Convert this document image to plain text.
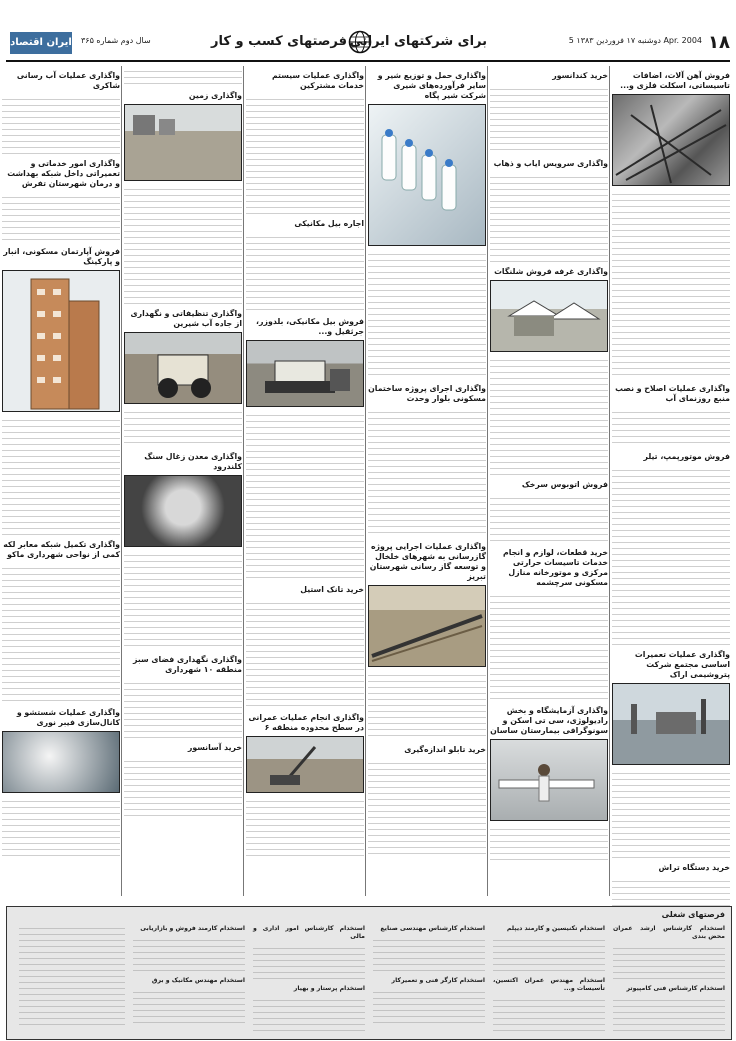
۱۸
دوشنبه ۱۷ فروردین ۱۳۸۳ 5 Apr. 2004
فرصتهای کسب و کار برای شرکتهای ایرانی
سال دوم شماره ۳۶۵
ایران اقتصاد
فروش آهن آلات، اضافات تاسیساتی، اسکلت فلزی و...
واگذاری عملیات اصلاح و نصب منبع روزنمای آب
فروش موتورپمپ، تیلر
واگذاری عملیات تعمیرات اساسی مجتمع شرکت پتروشیمی اراک
خرید دستگاه تراش
خرید کندانسور
واگذاری سرویس ایاب و ذهاب
واگذاری غرفه فروش شلنگات
فروش اتوبوس سرخک
خرید قطعات، لوازم و انجام خدمات تاسیسات حرارتی مرکزی و موتورخانه منازل مسکونی سرچشمه
واگذاری آزمایشگاه و بخش رادیولوژی، سی تی اسکن و سونوگرافی بیمارستان ساسان
واگذاری حمل و توزیع شیر و سایر فرآورده‌های شیری شرکت شیر پگاه
واگذاری اجرای پروژه ساختمان مسکونی بلوار وحدت
واگذاری عملیات اجرایی پروژه گازرسانی به شهرهای خلخال و توسعه گاز رسانی شهرستان تبریز
خرید تابلو اندازه‌گیری
واگذاری عملیات سیستم خدمات مشترکین
اجاره بیل مکانیکی
فروش بیل مکانیکی، بلدوزر، جرثقیل و...
خرید تانک استیل
واگذاری انجام عملیات عمرانی در سطح محدوده منطقه ۶
واگذاری زمین
واگذاری تنظیفاتی و نگهداری از جاده آب شیرین
واگذاری معدن زغال سنگ کلندرود
واگذاری نگهداری فضای سبز منطقه ۱۰ شهرداری
خرید آسانسور
واگذاری عملیات آب رسانی شاکری
واگذاری امور خدماتی و تعمیراتی داخل شبکه بهداشت و درمان شهرستان تفرش
فروش آپارتمان مسکونی، انبار و پارکینگ
واگذاری تکمیل شبکه معابر لکه کمی از نواحی شهرداری ماکو
واگذاری عملیات شستشو و کانال‌سازی فیبر نوری
فرصتهای شغلی
استخدام کارشناس ارشد عمران محض بندی
استخدام کارشناس فنی کامپیوتر
استخدام تکنیسین و کارمند دیپلم
استخدام مهندس عمران اکتسین، تأسیسات و...
استخدام کارشناس مهندسی صنایع
استخدام کارگر فنی و تعمیرکار
استخدام کارشناس امور اداری و مالی
استخدام پرستار و بهیار
استخدام کارمند فروش و بازاریابی
استخدام مهندس مکانیک و برق
